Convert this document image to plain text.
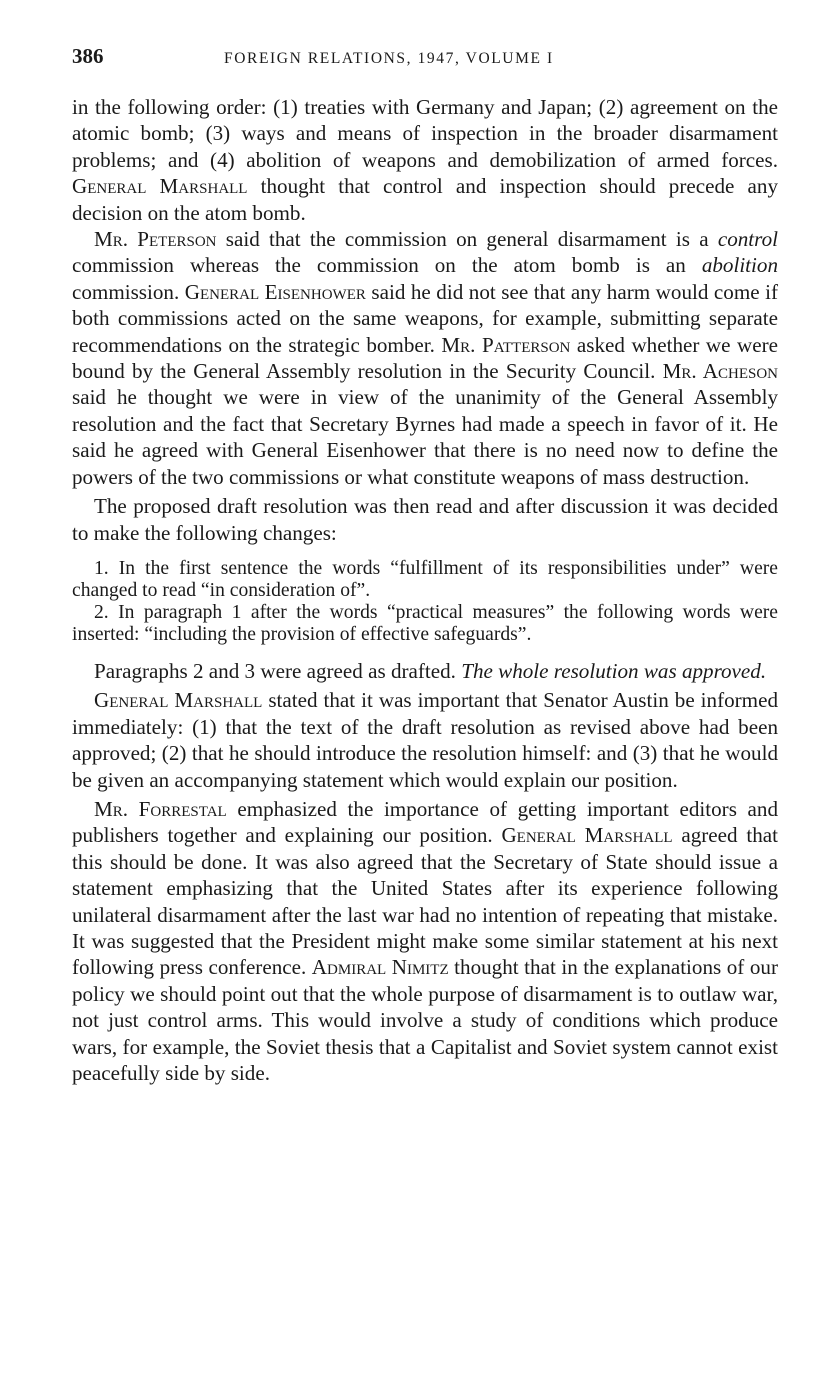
386	FOREIGN RELATIONS, 1947, VOLUME I

in the following order: (1) treaties with Germany and Japan; (2) agreement on the atomic bomb; (3) ways and means of inspection in the broader disarmament problems; and (4) abolition of weapons and demobilization of armed forces. General Marshall thought that control and inspection should precede any decision on the atom bomb.

Mr. Peterson said that the commission on general disarmament is a control commission whereas the commission on the atom bomb is an abolition commission. General Eisenhower said he did not see that any harm would come if both commissions acted on the same weapons, for example, submitting separate recommendations on the strategic bomber. Mr. Patterson asked whether we were bound by the General Assembly resolution in the Security Council. Mr. Acheson said he thought we were in view of the unanimity of the General Assembly resolution and the fact that Secretary Byrnes had made a speech in favor of it. He said he agreed with General Eisenhower that there is no need now to define the powers of the two commissions or what constitute weapons of mass destruction.

The proposed draft resolution was then read and after discussion it was decided to make the following changes:

1. In the first sentence the words “fulfillment of its responsibilities under” were changed to read “in consideration of”.

2. In paragraph 1 after the words “practical measures” the following words were inserted: “including the provision of effective safeguards”.

Paragraphs 2 and 3 were agreed as drafted. The whole resolution was approved.

General Marshall stated that it was important that Senator Austin be informed immediately: (1) that the text of the draft resolution as revised above had been approved; (2) that he should introduce the resolution himself: and (3) that he would be given an accompanying statement which would explain our position.

Mr. Forrestal emphasized the importance of getting important editors and publishers together and explaining our position. General Marshall agreed that this should be done. It was also agreed that the Secretary of State should issue a statement emphasizing that the United States after its experience following unilateral disarmament after the last war had no intention of repeating that mistake. It was suggested that the President might make some similar statement at his next following press conference. Admiral Nimitz thought that in the explanations of our policy we should point out that the whole purpose of disarmament is to outlaw war, not just control arms. This would involve a study of conditions which produce wars, for example, the Soviet thesis that a Capitalist and Soviet system cannot exist peacefully side by side.
